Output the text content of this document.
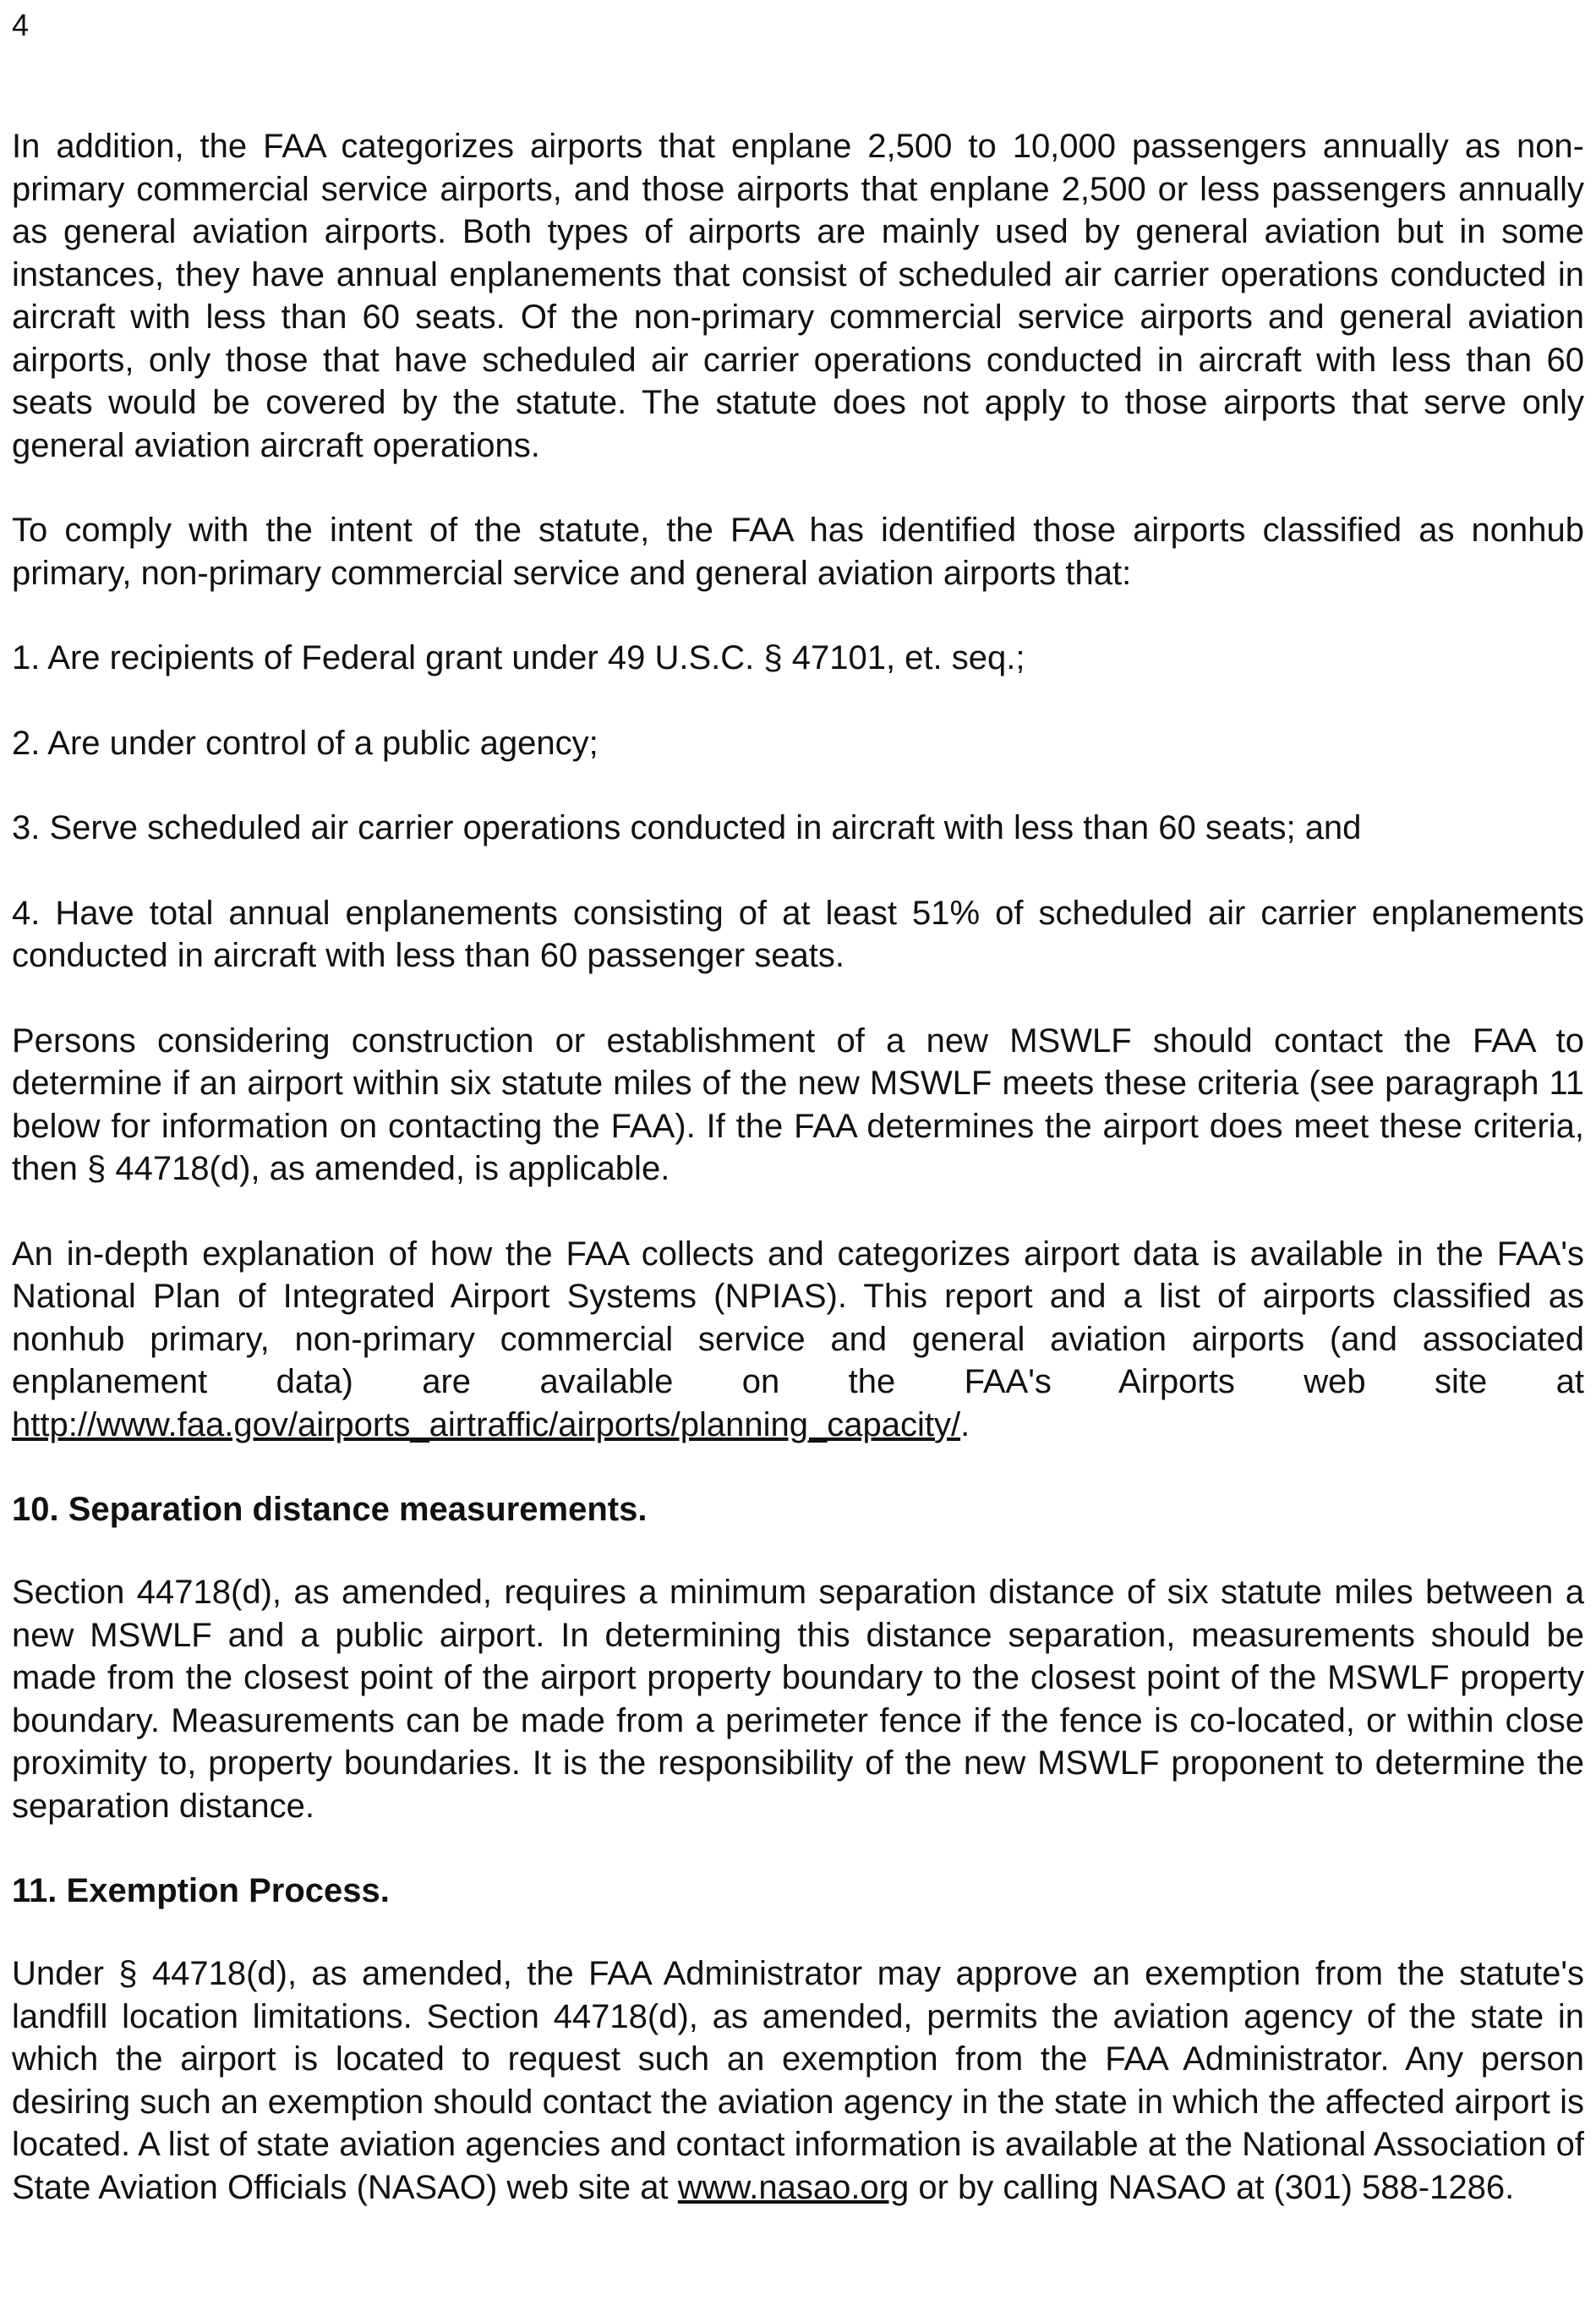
4

In addition, the FAA categorizes airports that enplane 2,500 to 10,000 passengers annually as non-primary commercial service airports, and those airports that enplane 2,500 or less passengers annually as general aviation airports. Both types of airports are mainly used by general aviation but in some instances, they have annual enplanements that consist of scheduled air carrier operations conducted in aircraft with less than 60 seats. Of the non-primary commercial service airports and general aviation airports, only those that have scheduled air carrier operations conducted in aircraft with less than 60 seats would be covered by the statute. The statute does not apply to those airports that serve only general aviation aircraft operations.

To comply with the intent of the statute, the FAA has identified those airports classified as nonhub primary, non-primary commercial service and general aviation airports that:

1. Are recipients of Federal grant under 49 U.S.C. § 47101, et. seq.;

2. Are under control of a public agency;

3. Serve scheduled air carrier operations conducted in aircraft with less than 60 seats; and

4. Have total annual enplanements consisting of at least 51% of scheduled air carrier enplanements conducted in aircraft with less than 60 passenger seats.

Persons considering construction or establishment of a new MSWLF should contact the FAA to determine if an airport within six statute miles of the new MSWLF meets these criteria (see paragraph 11 below for information on contacting the FAA). If the FAA determines the airport does meet these criteria, then § 44718(d), as amended, is applicable.

An in-depth explanation of how the FAA collects and categorizes airport data is available in the FAA's National Plan of Integrated Airport Systems (NPIAS). This report and a list of airports classified as nonhub primary, non-primary commercial service and general aviation airports (and associated enplanement data) are available on the FAA's Airports web site at http://www.faa.gov/airports_airtraffic/airports/planning_capacity/.

10. Separation distance measurements.

Section 44718(d), as amended, requires a minimum separation distance of six statute miles between a new MSWLF and a public airport. In determining this distance separation, measurements should be made from the closest point of the airport property boundary to the closest point of the MSWLF property boundary. Measurements can be made from a perimeter fence if the fence is co-located, or within close proximity to, property boundaries. It is the responsibility of the new MSWLF proponent to determine the separation distance.

11. Exemption Process.

Under § 44718(d), as amended, the FAA Administrator may approve an exemption from the statute's landfill location limitations. Section 44718(d), as amended, permits the aviation agency of the state in which the airport is located to request such an exemption from the FAA Administrator. Any person desiring such an exemption should contact the aviation agency in the state in which the affected airport is located. A list of state aviation agencies and contact information is available at the National Association of State Aviation Officials (NASAO) web site at www.nasao.org or by calling NASAO at (301) 588-1286.
